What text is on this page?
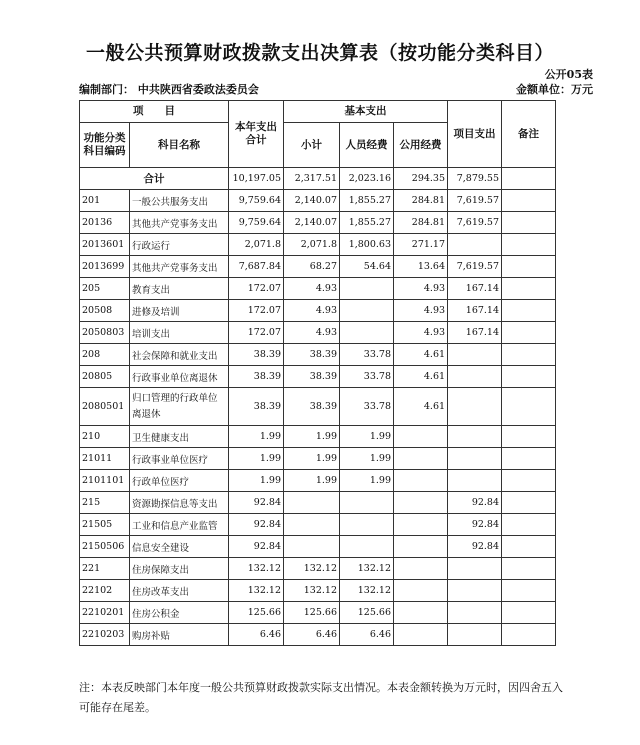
一般公共预算财政拨款支出决算表（按功能分类科目）
公开05表
编制部门： 中共陕西省委政法委员会	金额单位：万元
项　　目		本年支出合计	基本支出			项目支出	备注
功能分类科目编码	科目名称		小计	人员经费	公用经费		

合计		10,197.05	2,317.51	2,023.16	294.35	7,879.55	
201	一般公共服务支出	9,759.64	2,140.07	1,855.27	284.81	7,619.57	
20136	其他共产党事务支出	9,759.64	2,140.07	1,855.27	284.81	7,619.57	
2013601	行政运行	2,071.8	2,071.8	1,800.63	271.17		
2013699	其他共产党事务支出	7,687.84	68.27	54.64	13.64	7,619.57	
205	教育支出	172.07	4.93		4.93	167.14	
20508	进修及培训	172.07	4.93		4.93	167.14	
2050803	培训支出	172.07	4.93		4.93	167.14	
208	社会保障和就业支出	38.39	38.39	33.78	4.61		
20805	行政事业单位离退休	38.39	38.39	33.78	4.61		
2080501	归口管理的行政单位离退休	38.39	38.39	33.78	4.61		
210	卫生健康支出	1.99	1.99	1.99			
21011	行政事业单位医疗	1.99	1.99	1.99			
2101101	行政单位医疗	1.99	1.99	1.99			
215	资源勘探信息等支出	92.84				92.84	
21505	工业和信息产业监管	92.84				92.84	
2150506	信息安全建设	92.84				92.84	
221	住房保障支出	132.12	132.12	132.12			
22102	住房改革支出	132.12	132.12	132.12			
2210201	住房公积金	125.66	125.66	125.66			
2210203	购房补贴	6.46	6.46	6.46			
注：本表反映部门本年度一般公共预算财政拨款实际支出情况。本表金额转换为万元时，因四舍五入可能存在尾差。
